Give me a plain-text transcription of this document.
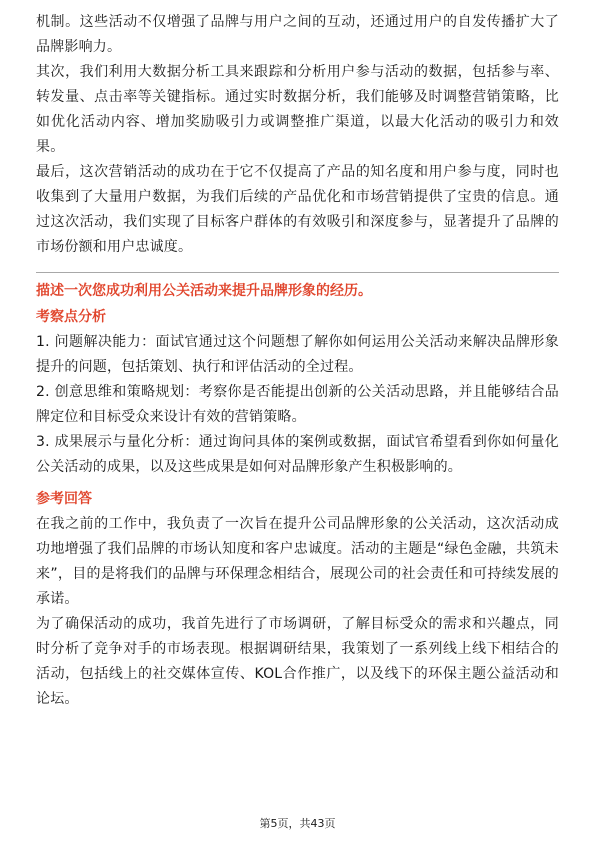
机制。这些活动不仅增强了品牌与用户之间的互动，还通过用户的自发传播扩大了品牌影响力。

其次，我们利用大数据分析工具来跟踪和分析用户参与活动的数据，包括参与率、转发量、点击率等关键指标。通过实时数据分析，我们能够及时调整营销策略，比如优化活动内容、增加奖励吸引力或调整推广渠道，以最大化活动的吸引力和效果。

最后，这次营销活动的成功在于它不仅提高了产品的知名度和用户参与度，同时也收集到了大量用户数据，为我们后续的产品优化和市场营销提供了宝贵的信息。通过这次活动，我们实现了目标客户群体的有效吸引和深度参与，显著提升了品牌的市场份额和用户忠诚度。

描述一次您成功利用公关活动来提升品牌形象的经历。

考察点分析

1. 问题解决能力：面试官通过这个问题想了解你如何运用公关活动来解决品牌形象提升的问题，包括策划、执行和评估活动的全过程。

2. 创意思维和策略规划：考察你是否能提出创新的公关活动思路，并且能够结合品牌定位和目标受众来设计有效的营销策略。

3. 成果展示与量化分析：通过询问具体的案例或数据，面试官希望看到你如何量化公关活动的成果，以及这些成果是如何对品牌形象产生积极影响的。

参考回答

在我之前的工作中，我负责了一次旨在提升公司品牌形象的公关活动，这次活动成功地增强了我们品牌的市场认知度和客户忠诚度。活动的主题是“绿色金融，共筑未来”，目的是将我们的品牌与环保理念相结合，展现公司的社会责任和可持续发展的承诺。

为了确保活动的成功，我首先进行了市场调研，了解目标受众的需求和兴趣点，同时分析了竞争对手的市场表现。根据调研结果，我策划了一系列线上线下相结合的活动，包括线上的社交媒体宣传、KOL合作推广，以及线下的环保主题公益活动和论坛。

第5页，共43页
